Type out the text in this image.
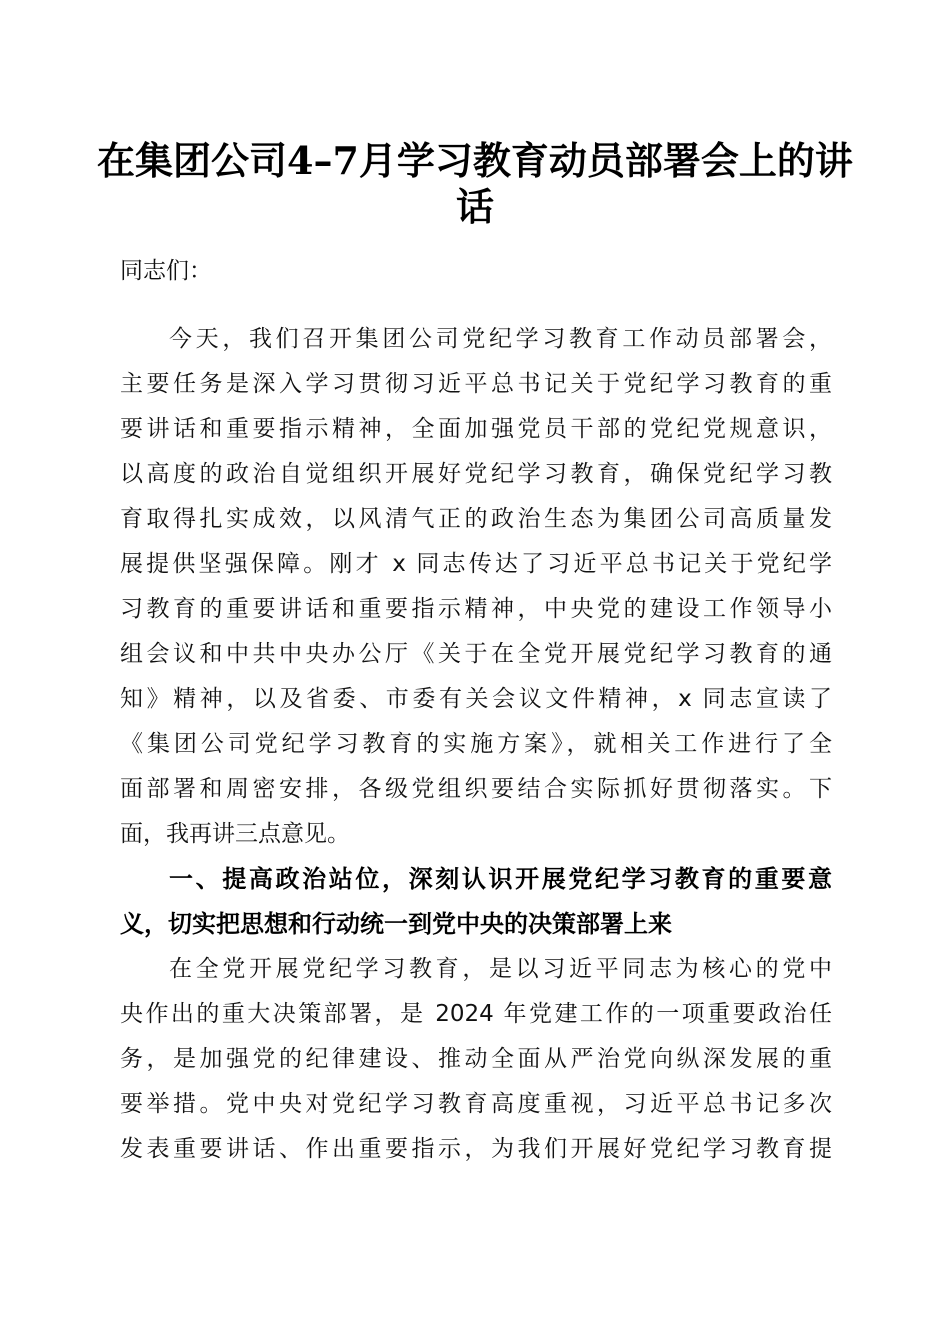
在集团公司4–7月学习教育动员部署会上的讲
话
同志们：
今天，我们召开集团公司党纪学习教育工作动员部署会，
主要任务是深入学习贯彻习近平总书记关于党纪学习教育的重
要讲话和重要指示精神，全面加强党员干部的党纪党规意识，
以高度的政治自觉组织开展好党纪学习教育，确保党纪学习教
育取得扎实成效，以风清气正的政治生态为集团公司高质量发
展提供坚强保障。刚才 x 同志传达了习近平总书记关于党纪学
习教育的重要讲话和重要指示精神，中央党的建设工作领导小
组会议和中共中央办公厅《关于在全党开展党纪学习教育的通
知》精神，以及省委、市委有关会议文件精神，x 同志宣读了
《集团公司党纪学习教育的实施方案》，就相关工作进行了全
面部署和周密安排，各级党组织要结合实际抓好贯彻落实。下
面，我再讲三点意见。
一、提高政治站位，深刻认识开展党纪学习教育的重要意
义，切实把思想和行动统一到党中央的决策部署上来
在全党开展党纪学习教育，是以习近平同志为核心的党中
央作出的重大决策部署，是 2024 年党建工作的一项重要政治任
务，是加强党的纪律建设、推动全面从严治党向纵深发展的重
要举措。党中央对党纪学习教育高度重视，习近平总书记多次
发表重要讲话、作出重要指示，为我们开展好党纪学习教育提
